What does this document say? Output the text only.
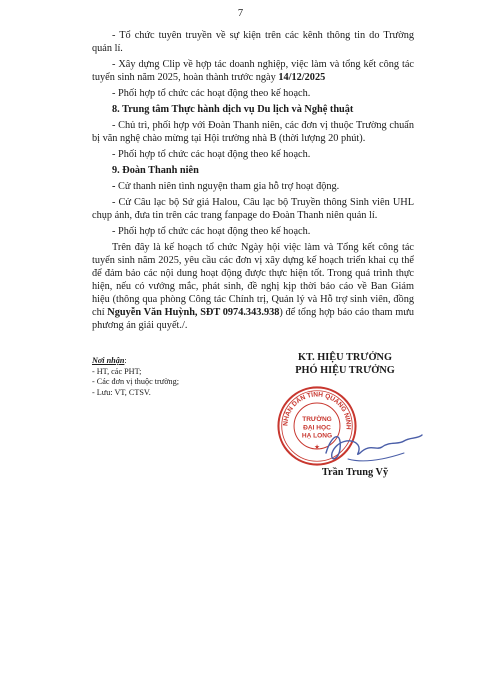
7

- Tổ chức tuyên truyền về sự kiện trên các kênh thông tin do Trường quản lí.

- Xây dựng Clip về hợp tác doanh nghiệp, việc làm và tổng kết công tác tuyển sinh năm 2025, hoàn thành trước ngày 14/12/2025

- Phối hợp tổ chức các hoạt động theo kế hoạch.

8. Trung tâm Thực hành dịch vụ Du lịch và Nghệ thuật

- Chủ trì, phối hợp với Đoàn Thanh niên, các đơn vị thuộc Trường chuẩn bị văn nghệ chào mừng tại Hội trường nhà B (thời lượng 20 phút).

- Phối hợp tổ chức các hoạt động theo kế hoạch.

9. Đoàn Thanh niên

- Cử thanh niên tình nguyện tham gia hỗ trợ hoạt động.

- Cử Câu lạc bộ Sứ giả Halou, Câu lạc bộ Truyền thông Sinh viên UHL chụp ảnh, đưa tin trên các trang fanpage do Đoàn Thanh niên quản lí.

- Phối hợp tổ chức các hoạt động theo kế hoạch.

Trên đây là kế hoạch tổ chức Ngày hội việc làm và Tổng kết công tác tuyển sinh năm 2025, yêu cầu các đơn vị xây dựng kế hoạch triển khai cụ thể để đảm bảo các nội dung hoạt động được thực hiện tốt. Trong quá trình thực hiện, nếu có vướng mắc, phát sinh, đề nghị kịp thời báo cáo về Ban Giám hiệu (thông qua phòng Công tác Chính trị, Quản lý và Hỗ trợ sinh viên, đồng chí Nguyễn Văn Huỳnh, SĐT 0974.343.938) để tổng hợp báo cáo tham mưu phương án giải quyết./.

Nơi nhận:
- HT, các PHT;
- Các đơn vị thuộc trường;
- Lưu: VT, CTSV.
KT. HIỆU TRƯỞNG
PHÓ HIỆU TRƯỞNG
NHÂN DÂN TỈNH QUẢNG NINH
TRƯỜNG
ĐẠI HỌC
HẠ LONG
★
Trần Trung Vỹ
